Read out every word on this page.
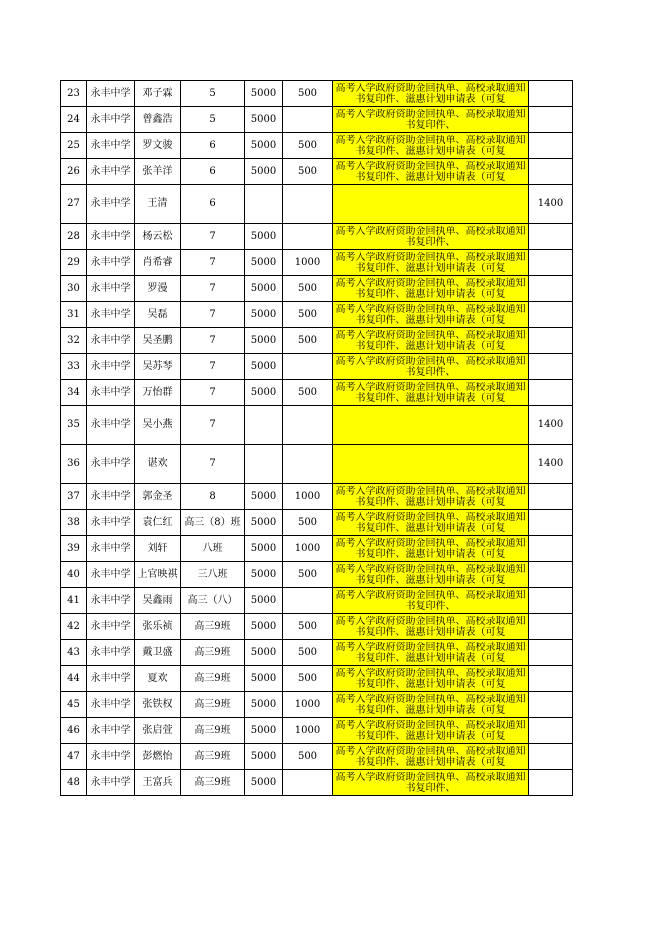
23	永丰中学	邓子霖	5	5000	500	高考入学政府资助金回执单、高校录取通知书复印件、滋惠计划申请表（可复	

24	永丰中学	曾鑫浩	5	5000		高考入学政府资助金回执单、高校录取通知书复印件、	

25	永丰中学	罗文骏	6	5000	500	高考入学政府资助金回执单、高校录取通知书复印件、滋惠计划申请表（可复	

26	永丰中学	张羊洋	6	5000	500	高考入学政府资助金回执单、高校录取通知书复印件、滋惠计划申请表（可复	

27	永丰中学	王清	6				1400
28	永丰中学	杨云松	7	5000		高考入学政府资助金回执单、高校录取通知书复印件、	

29	永丰中学	肖希睿	7	5000	1000	高考入学政府资助金回执单、高校录取通知书复印件、滋惠计划申请表（可复	

30	永丰中学	罗漫	7	5000	500	高考入学政府资助金回执单、高校录取通知书复印件、滋惠计划申请表（可复	

31	永丰中学	吴磊	7	5000	500	高考入学政府资助金回执单、高校录取通知书复印件、滋惠计划申请表（可复	

32	永丰中学	吴圣鹏	7	5000	500	高考入学政府资助金回执单、高校录取通知书复印件、滋惠计划申请表（可复	

33	永丰中学	吴苏琴	7	5000		高考入学政府资助金回执单、高校录取通知书复印件、	

34	永丰中学	万怡群	7	5000	500	高考入学政府资助金回执单、高校录取通知书复印件、滋惠计划申请表（可复	

35	永丰中学	吴小燕	7				1400
36	永丰中学	谌欢	7				1400
37	永丰中学	郭金圣	8	5000	1000	高考入学政府资助金回执单、高校录取通知书复印件、滋惠计划申请表（可复	

38	永丰中学	袁仁红	高三（8）班	5000	500	高考入学政府资助金回执单、高校录取通知书复印件、滋惠计划申请表（可复	

39	永丰中学	刘轩	八班	5000	1000	高考入学政府资助金回执单、高校录取通知书复印件、滋惠计划申请表（可复	

40	永丰中学	上官映祺	三八班	5000	500	高考入学政府资助金回执单、高校录取通知书复印件、滋惠计划申请表（可复	

41	永丰中学	吴鑫雨	高三（八）	5000		高考入学政府资助金回执单、高校录取通知书复印件、	

42	永丰中学	张乐祯	高三9班	5000	500	高考入学政府资助金回执单、高校录取通知书复印件、滋惠计划申请表（可复	

43	永丰中学	戴卫盛	高三9班	5000	500	高考入学政府资助金回执单、高校录取通知书复印件、滋惠计划申请表（可复	

44	永丰中学	夏欢	高三9班	5000	500	高考入学政府资助金回执单、高校录取通知书复印件、滋惠计划申请表（可复	

45	永丰中学	张铁权	高三9班	5000	1000	高考入学政府资助金回执单、高校录取通知书复印件、滋惠计划申请表（可复	

46	永丰中学	张启萱	高三9班	5000	1000	高考入学政府资助金回执单、高校录取通知书复印件、滋惠计划申请表（可复	

47	永丰中学	彭燃怡	高三9班	5000	500	高考入学政府资助金回执单、高校录取通知书复印件、滋惠计划申请表（可复	

48	永丰中学	王富兵	高三9班	5000		高考入学政府资助金回执单、高校录取通知书复印件、	
